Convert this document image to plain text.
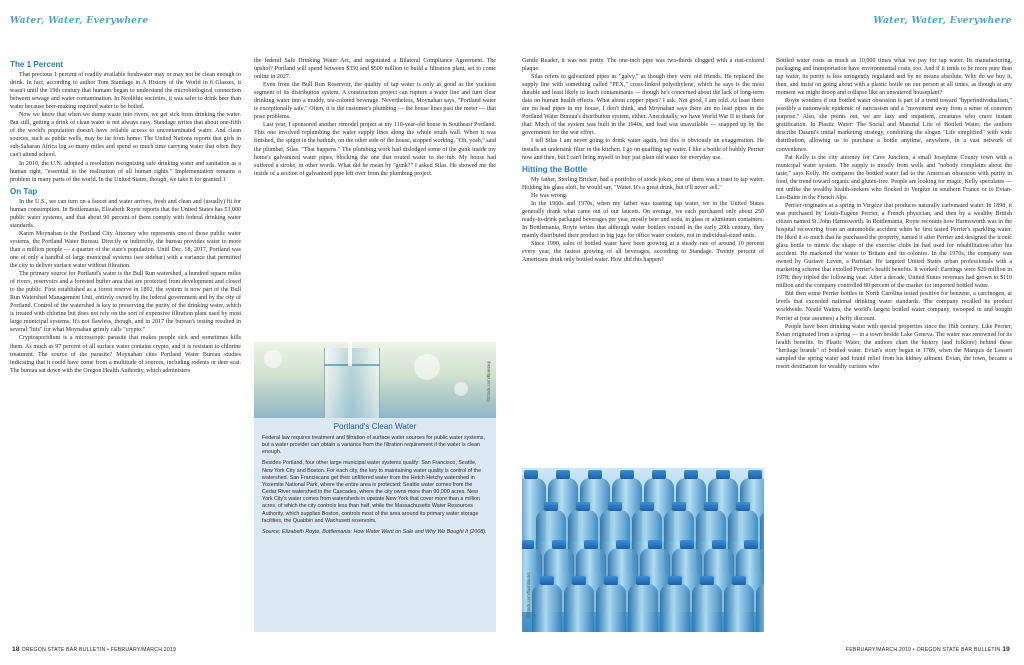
Water, Water, Everywhere
The 1 Percent

That precious 1 percent of readily available freshwater may or may not be clean enough to drink. In fact, according to author Tom Standage in A History of the World in 6 Glasses, it wasn't until the 19th century that humans began to understand the microbiological connection between sewage and water contamination. In Neolithic societies, it was safer to drink beer than water because beer-making required water to be boiled.

Now we know that when we dump waste into rivers, we get sick from drinking the water. But still, getting a drink of clean water is not always easy. Standage writes that about one-fifth of the world's population doesn't have reliable access to uncontaminated water. And clean sources, such as public wells, may be far from home: The United Nations reports that girls in sub-Saharan Africa log so many miles and spend so much time carrying water that often they can't attend school.

In 2010, the U.N. adopted a resolution recognizing safe drinking water and sanitation as a human right, "essential to the realization of all human rights." Implementation remains a problem in many parts of the world. In the United States, though, we take it for granted.1

On Tap

In the U.S., we can turn on a faucet and water arrives, fresh and clean and (usually) fit for human consumption. In Bottlemania, Elizabeth Royte reports that the United States has 53,000 public water systems, and that about 90 percent of them comply with federal drinking water standards.

Karen Moynahan is the Portland City Attorney who represents one of those public water systems, the Portland Water Bureau. Directly or indirectly, the bureau provides water to more than a million people — a quarter of the state's population. Until Dec. 18, 2017, Portland was one of only a handful of large municipal systems (see sidebar) with a variance that permitted the city to deliver surface water without filtration.

The primary source for Portland's water is the Bull Run watershed, a hundred square miles of rivers, reservoirs and a forested buffer area that are protected from development and closed to the public. First established as a forest reserve in 1892, the system is now part of the Bull Run Watershed Management Unit, entirely owned by the federal government and by the city of Portland. Control of the watershed is key to preserving the purity of the drinking water, which is treated with chlorine but does not rely on the sort of expensive filtration plant used by most large municipal systems. It's not flawless, though, and in 2017 the bureau's testing resulted in several "hits" for what Moynahan grimly calls "crypto."

Cryptosporidium is a microscopic parasite that makes people sick and sometimes kills them. As much as 97 percent of all surface water contains crypto, and it is resistant to chlorine treatment. The source of the parasite? Moynahan cites Portland Water Bureau studies indicating that it could have come from a multitude of sources, including rodents or deer scat. The bureau sat down with the Oregon Health Authority, which administers

the federal Safe Drinking Water Act, and negotiated a Bilateral Compliance Agreement. The upshot? Portland will spend between $350 and $500 million to build a filtration plant, set to come online in 2027.

Even from the Bull Run Reservoir, the quality of tap water is only as good as the yuckiest segment of its distribution system. A construction project can rupture a water line and turn clear drinking water into a muddy, tea-colored beverage. Nevertheless, Moynahan says, "Portland water is exceptionally safe." Often, it is the customer's plumbing — the house lines past the meter — that pose problems.

Last year, I sponsored another remodel project at my 110-year-old house in Southeast Portland. This one involved replumbing the water supply lines along the whole south wall. When it was finished, the spigot in the bathtub, on the other side of the house, stopped working. "Oh, yeah," said the plumber, Silas. "That happens." The plumbing work had dislodged some of the gunk inside my home's galvanized water pipes, blocking the one that routed water to the tub. My house had suffered a stroke, in other words. What did he mean by "gunk?" I asked Silas. He showed me the inside of a section of galvanized pipe left over from the plumbing project.

18 OREGON STATE BAR BULLETIN • FEBRUARY/MARCH 2019
©iStock.com/Bluestep
Portland's Clean Water

Federal law requires treatment and filtration of surface water sources for public water systems, but a water provider can obtain a variance from the filtration requirement if the water is clean enough.

Besides Portland, four other large municipal water systems qualify: San Francisco, Seattle, New York City and Boston. For each city, the key to maintaining water quality is control of the watershed. San Franciscans get their unfiltered water from the Hetch Hetchy watershed in Yosemite National Park, where the entire area is protected; Seattle water comes from the Cedar River watershed in the Cascades, where the city owns more than 90,000 acres. New York City's water comes from watersheds in upstate New York that cover more than a million acres, of which the city controls less than half, while the Massachusetts Water Resources Authority, which supplies Boston, controls most of the area around its primary water storage facilities, the Quabbin and Wachusett reservoirs.

Source: Elizabeth Royte, Bottlemania: How Water Went on Sale and Why We Bought It (2008).

Water, Water, Everywhere

Gentle Reader, it was not pretty. The one-inch pipe was two-thirds clogged with a rust-colored plaque.

Silas refers to galvanized pipes as "galvy," as though they were old friends. He replaced the supply line with something called "PEX," cross-linked polyethylene, which he says is the most durable and least likely to leach contaminants — though he's concerned about the lack of long-term data on human health effects. What about copper pipes? I ask. Not good, I am told. At least there are no lead pipes in my house, I don't think, and Moynahan says there are no lead pipes in the Portland Water Bureau's distribution system, either. Anecdotally, we have World War II to thank for that: Much of the system was built in the 1940s, and lead was unavailable — snapped up by the government for the war effort.

I tell Silas I am never going to drink water again, but this is obviously an exaggeration. He installs an undersink filter in the kitchen. I go on quaffing tap water. I like a bottle of bubbly Perrier now and then, but I can't bring myself to buy just plain old water for everyday use.

Hitting the Bottle

My father, Sterling Bricker, had a portfolio of stock jokes; one of them was a toast to tap water. Holding his glass aloft, he would say, "Water. It's a great drink, but it'll never sell."

He was wrong.

In the 1960s and 1970s, when my father was toasting tap water, we in the United States generally drank what came out of our faucets. On average, we each purchased only about 250 ready-to-drink packaged beverages per year, mostly beer and soda, in glass or aluminum containers. In Bottlemania, Royte writes that although water bottlers existed in the early 20th century, they mainly distributed their product in big jugs for office water coolers, not in individual-sized units.

Since 1990, sales of bottled water have been growing at a steady rate of around 10 percent every year, the fastest growing of all beverages, according to Standage. Twenty percent of Americans drink only bottled water. How did this happen?

Bottled water costs as much as 10,000 times what we pay for tap water. Its manufacturing, packaging and transportation have environmental costs, too. And if it tends to be more pure than tap water, its purity is less stringently regulated and by no means absolute. Why do we buy it, then, and insist on going about with a plastic bottle on our person at all times, as though at any moment we might droop and collapse like an unwatered houseplant?

Royte wonders if our bottled water obsession is part of a trend toward "hyperindividualism," possibly a nationwide epidemic of narcissism and a "movement away from a sense of common purpose." Also, she points out, we are lazy and impatient, creatures who crave instant gratification. In Plastic Water: The Social and Material Life of Bottled Water, the authors describe Dasani's initial marketing strategy, combining the slogan "Life simplified" with wide distribution, allowing us to purchase a bottle anytime, anywhere, in a vast network of convenience.

Pat Kelly is the city attorney for Cave Junction, a small Josephine County town with a municipal water system. The supply is mostly from wells and "nobody complains about the taste," says Kelly. He compares the bottled water fad to the American obsession with purity in food, the trend toward organic and gluten-free. People are looking for magic, Kelly speculates — not unlike the wealthy health-seekers who flocked to Vergèze in southern France or to Evian-Les-Bains in the French Alps.

Perrier originates at a spring in Vergèze that produces naturally carbonated water. In 1898, it was purchased by Louis-Eugène Perrier, a French physician, and then by a wealthy British citizen named St. John Harmsworth. In Bottlemania, Royte recounts how Harmsworth was in the hospital recovering from an automobile accident when he first tasted Perrier's sparkling water. He liked it so much that he purchased the property, named it after Perrier and designed the iconic glass bottle to mimic the shape of the exercise clubs he had used for rehabilitation after his accident. He marketed the water to Britain and its colonies. In the 1970s, the company was owned by Gustave Leven, a Parisian. He targeted United States urban professionals with a marketing scheme that extolled Perrier's health benefits. It worked: Earnings were $20 million in 1978; they tripled the following year. After a decade, United States revenues had grown to $110 million and the company controlled 80 percent of the market for imported bottled water.

But then some Perrier bottles in North Carolina tested positive for benzene, a carcinogen, at levels that exceeded national drinking water standards. The company recalled its product worldwide. Nestlé Waters, the world's largest bottled water company, swooped in and bought Perrier at (one assumes) a hefty discount.

People have been drinking water with special properties since the 18th century. Like Perrier, Evian originated from a spring — in a town beside Lake Geneva. The water was renowned for its health benefits. In Plastic Water, the authors chart the history (and folklore) behind these "heritage brands" of bottled water. Evian's story began in 1789, when the Marquis de Lessert sampled the spring water and found relief from his kidney ailment. Evian, the town, became a resort destination for wealthy curistes who

FEBRUARY/MARCH 2019 • OREGON STATE BAR BULLETIN 19
©iStock.com/flashblocks
